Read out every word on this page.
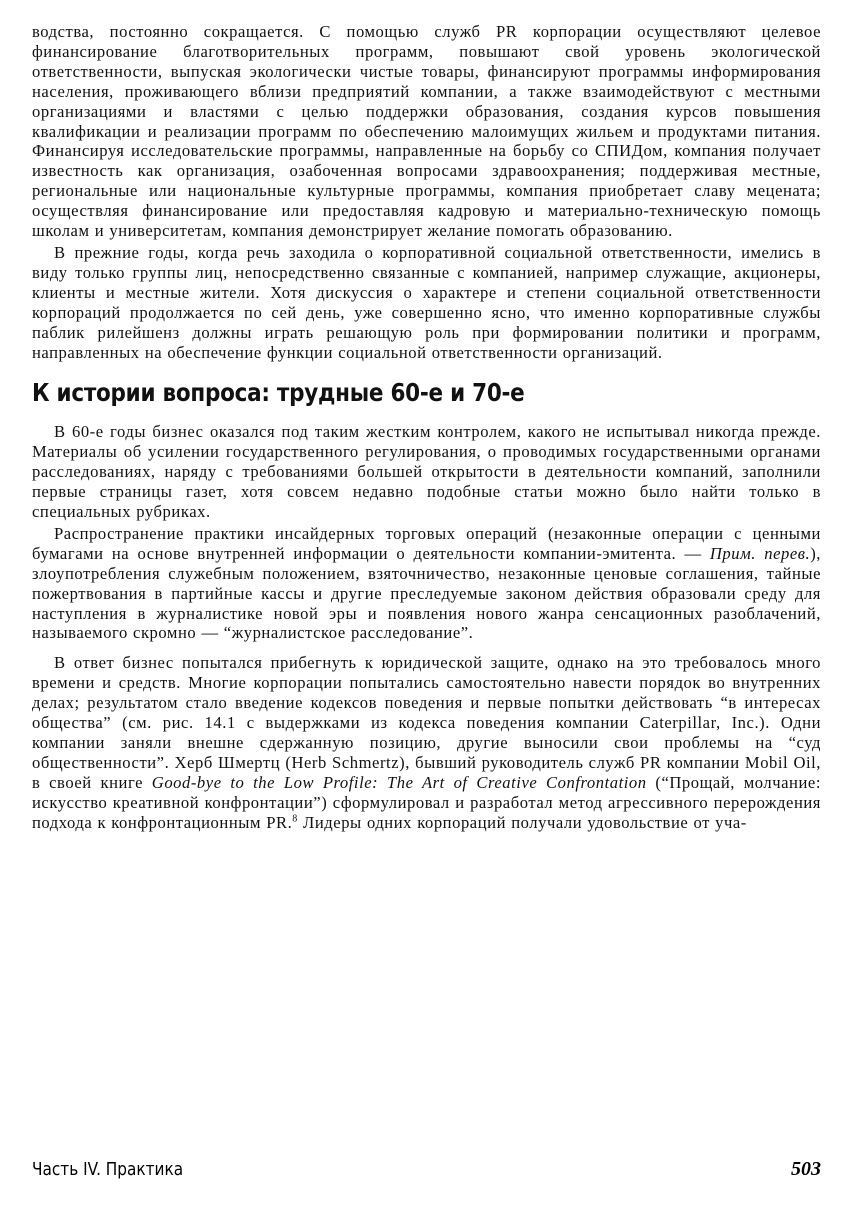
водства, постоянно сокращается. С помощью служб PR корпорации осуществляют целевое финансирование благотворительных программ, повышают свой уровень экологической ответственности, выпуская экологически чистые товары, финансируют программы информирования населения, проживающего вблизи предприятий компании, а также взаимодействуют с местными организациями и властями с целью поддержки образования, создания курсов повышения квалификации и реализации программ по обеспечению малоимущих жильем и продуктами питания. Финансируя исследовательские программы, направленные на борьбу со СПИДом, компания получает известность как организация, озабоченная вопросами здравоохранения; поддерживая местные, региональные или национальные культурные программы, компания приобретает славу мецената; осуществляя финансирование или предоставляя кадровую и материально-техническую помощь школам и университетам, компания демонстрирует желание помогать образованию.

В прежние годы, когда речь заходила о корпоративной социальной ответственности, имелись в виду только группы лиц, непосредственно связанные с компанией, например служащие, акционеры, клиенты и местные жители. Хотя дискуссия о характере и степени социальной ответственности корпораций продолжается по сей день, уже совершенно ясно, что именно корпоративные службы паблик рилейшенз должны играть решающую роль при формировании политики и программ, направленных на обеспечение функции социальной ответственности организаций.

К истории вопроса: трудные 60-е и 70-е

В 60-е годы бизнес оказался под таким жестким контролем, какого не испытывал никогда прежде. Материалы об усилении государственного регулирования, о проводимых государственными органами расследованиях, наряду с требованиями большей открытости в деятельности компаний, заполнили первые страницы газет, хотя совсем недавно подобные статьи можно было найти только в специальных рубриках.

Распространение практики инсайдерных торговых операций (незаконные операции с ценными бумагами на основе внутренней информации о деятельности компании-эмитента. — Прим. перев.), злоупотребления служебным положением, взяточничество, незаконные ценовые соглашения, тайные пожертвования в партийные кассы и другие преследуемые законом действия образовали среду для наступления в журналистике новой эры и появления нового жанра сенсационных разоблачений, называемого скромно — “журналистское расследование”.

В ответ бизнес попытался прибегнуть к юридической защите, однако на это требовалось много времени и средств. Многие корпорации попытались самостоятельно навести порядок во внутренних делах; результатом стало введение кодексов поведения и первые попытки действовать “в интересах общества” (см. рис. 14.1 с выдержками из кодекса поведения компании Caterpillar, Inc.). Одни компании заняли внешне сдержанную позицию, другие выносили свои проблемы на “суд общественности”. Херб Шмертц (Herb Schmertz), бывший руководитель служб PR компании Mobil Oil, в своей книге Good-bye to the Low Profile: The Art of Creative Confrontation (“Прощай, молчание: искусство креативной конфронтации”) сформулировал и разработал метод агрессивного перерождения подхода к конфронтационным PR.$^8$ Лидеры одних корпораций получали удовольствие от уча-

Часть IV. Практика	503
